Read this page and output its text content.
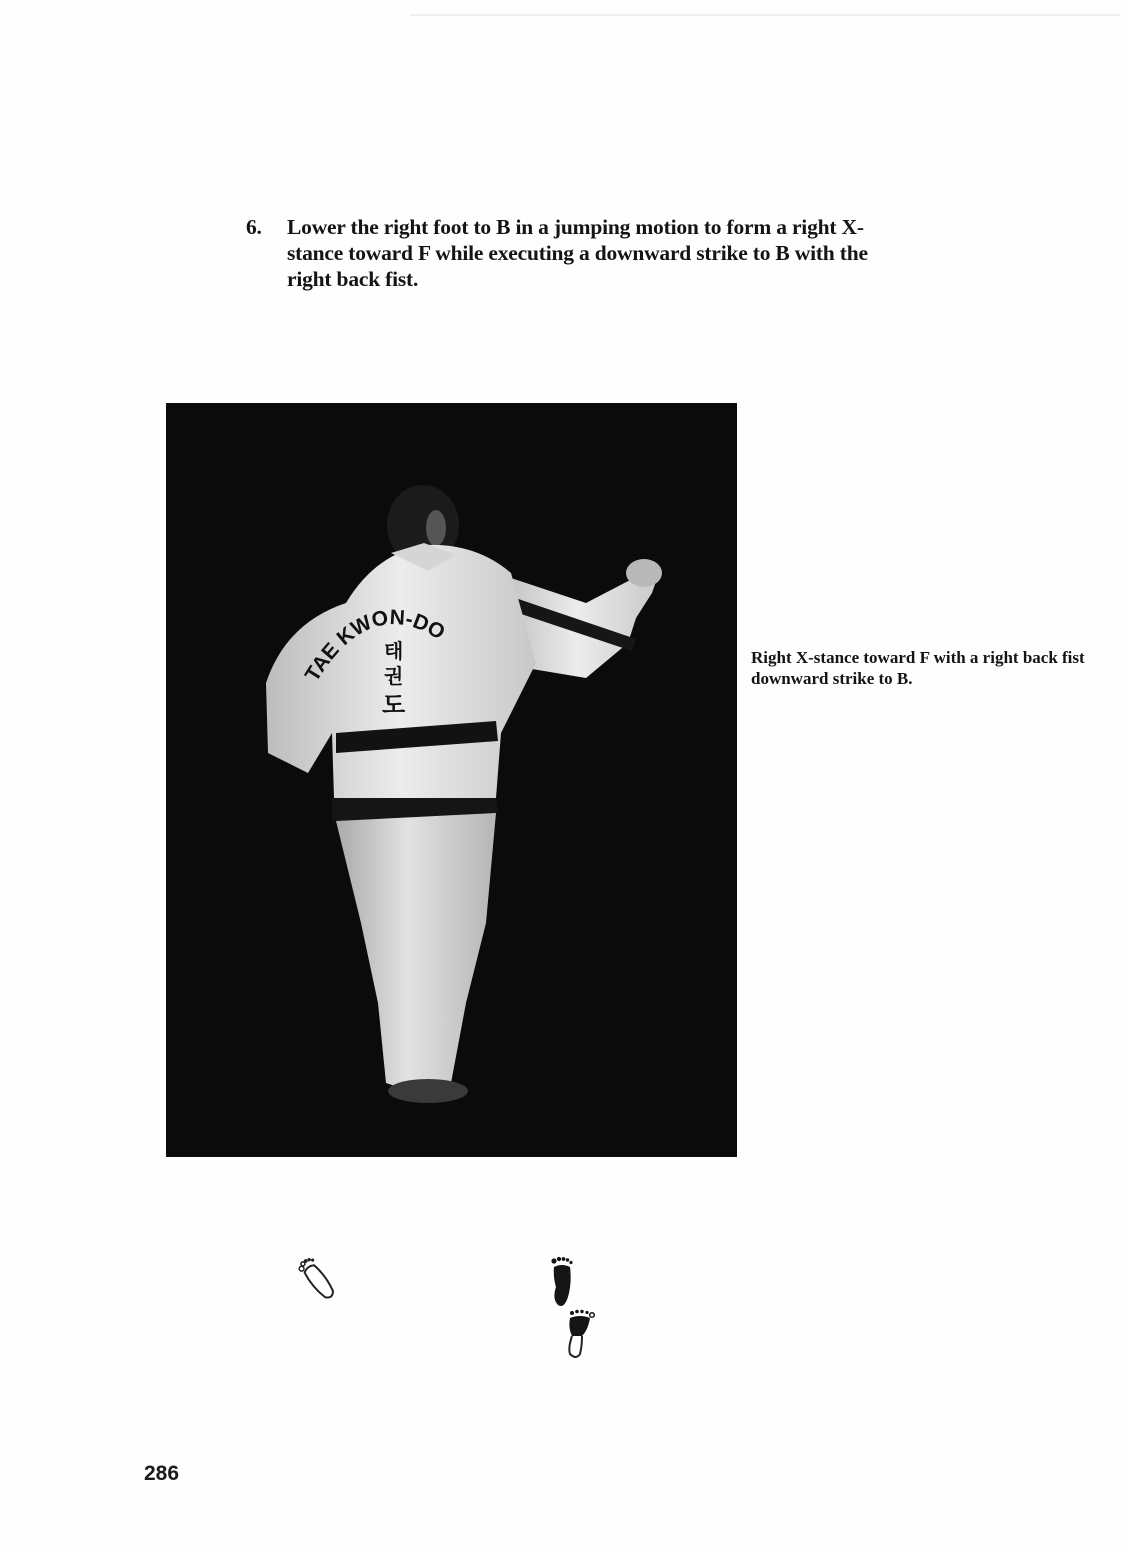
6.	Lower the right foot to B in a jumping motion to form a right X-stance toward F while executing a downward strike to B with the right back fist.
TAE KWON-DO
태
권
도
Right X-stance toward F with a right back fist downward strike to B.
286
